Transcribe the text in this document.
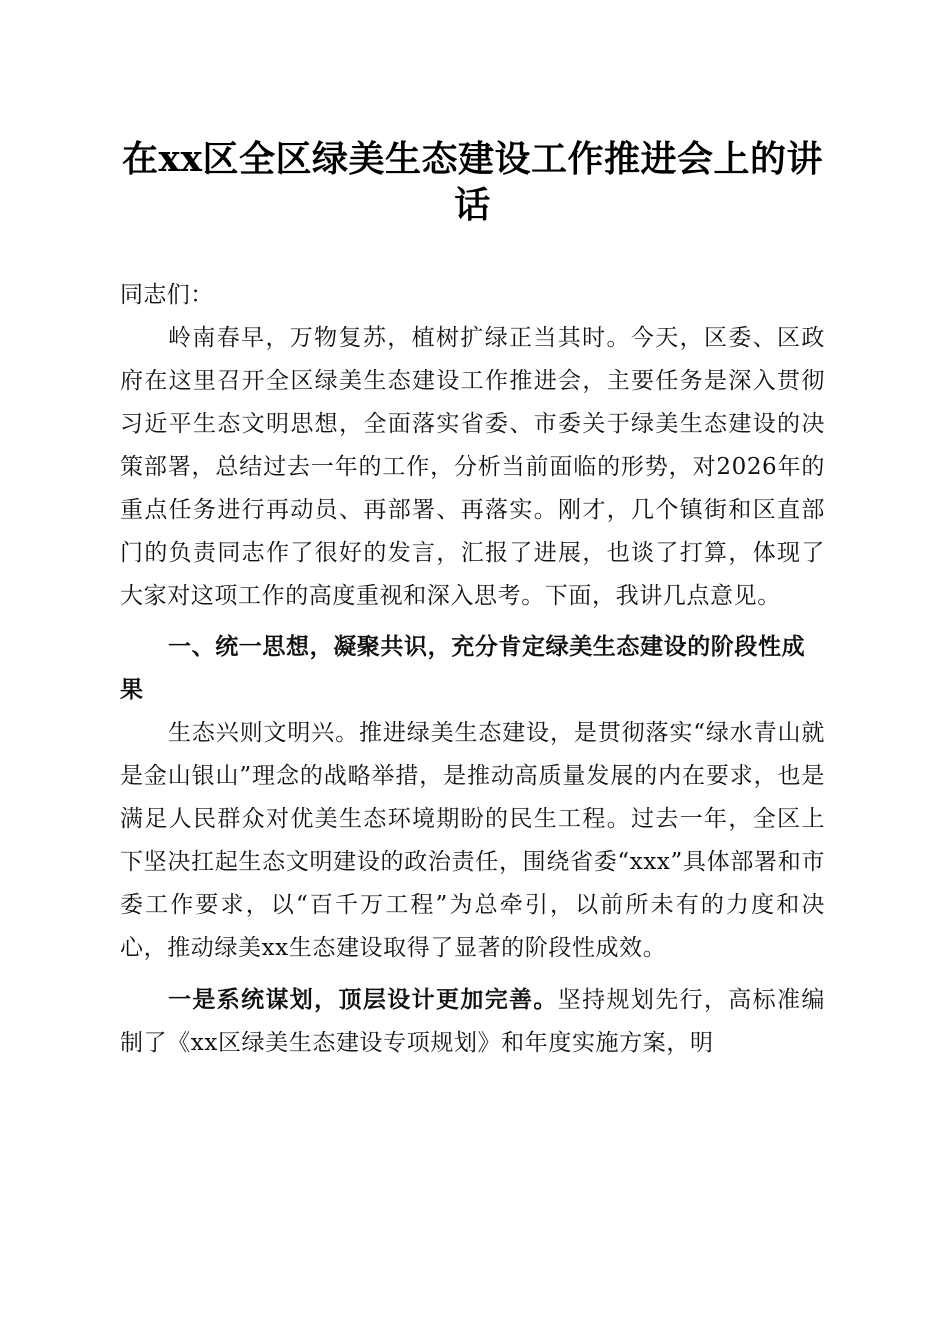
在xx区全区绿美生态建设工作推进会上的讲话

同志们：

岭南春早，万物复苏，植树扩绿正当其时。今天，区委、区政府在这里召开全区绿美生态建设工作推进会，主要任务是深入贯彻习近平生态文明思想，全面落实省委、市委关于绿美生态建设的决策部署，总结过去一年的工作，分析当前面临的形势，对2026年的重点任务进行再动员、再部署、再落实。刚才，几个镇街和区直部门的负责同志作了很好的发言，汇报了进展，也谈了打算，体现了大家对这项工作的高度重视和深入思考。下面，我讲几点意见。

一、统一思想，凝聚共识，充分肯定绿美生态建设的阶段性成果

生态兴则文明兴。推进绿美生态建设，是贯彻落实“绿水青山就是金山银山”理念的战略举措，是推动高质量发展的内在要求，也是满足人民群众对优美生态环境期盼的民生工程。过去一年，全区上下坚决扛起生态文明建设的政治责任，围绕省委“xxx”具体部署和市委工作要求，以“百千万工程”为总牵引，以前所未有的力度和决心，推动绿美xx生态建设取得了显著的阶段性成效。

一是系统谋划，顶层设计更加完善。坚持规划先行，高标准编制了《xx区绿美生态建设专项规划》和年度实施方案，明
